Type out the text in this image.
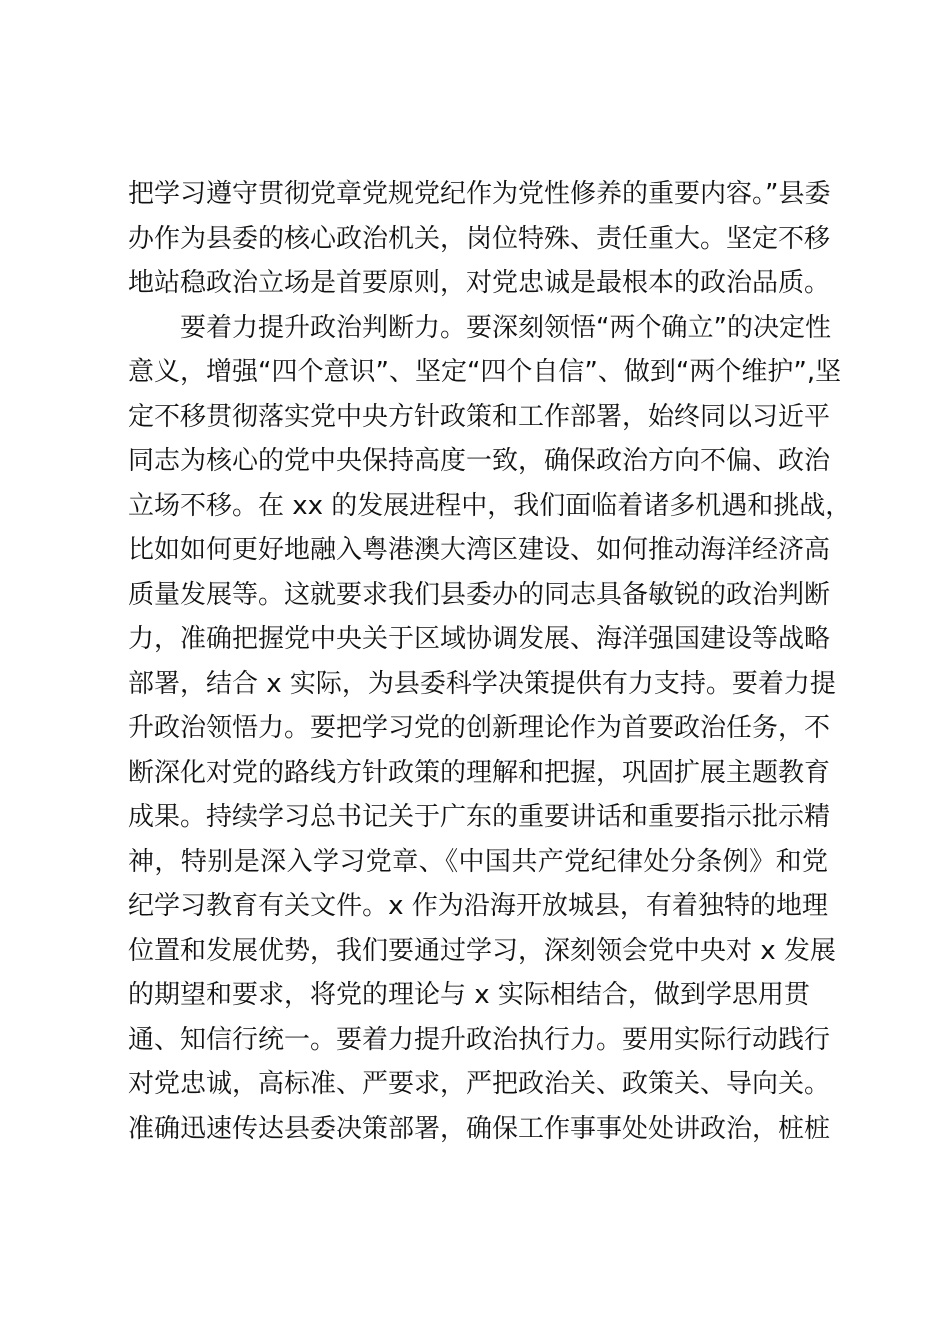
把学习遵守贯彻党章党规党纪作为党性修养的重要内容。”县委
办作为县委的核心政治机关，岗位特殊、责任重大。坚定不移
地站稳政治立场是首要原则，对党忠诚是最根本的政治品质。
要着力提升政治判断力。要深刻领悟“两个确立”的决定性
意义，增强“四个意识”、坚定“四个自信”、做到“两个维护”,坚
定不移贯彻落实党中央方针政策和工作部署，始终同以习近平
同志为核心的党中央保持高度一致，确保政治方向不偏、政治
立场不移。在 xx 的发展进程中，我们面临着诸多机遇和挑战，
比如如何更好地融入粤港澳大湾区建设、如何推动海洋经济高
质量发展等。这就要求我们县委办的同志具备敏锐的政治判断
力，准确把握党中央关于区域协调发展、海洋强国建设等战略
部署，结合 x 实际，为县委科学决策提供有力支持。要着力提
升政治领悟力。要把学习党的创新理论作为首要政治任务，不
断深化对党的路线方针政策的理解和把握，巩固扩展主题教育
成果。持续学习总书记关于广东的重要讲话和重要指示批示精
神，特别是深入学习党章、《中国共产党纪律处分条例》和党
纪学习教育有关文件。x 作为沿海开放城县，有着独特的地理
位置和发展优势，我们要通过学习，深刻领会党中央对 x 发展
的期望和要求，将党的理论与 x 实际相结合，做到学思用贯
通、知信行统一。要着力提升政治执行力。要用实际行动践行
对党忠诚，高标准、严要求，严把政治关、政策关、导向关。
准确迅速传达县委决策部署，确保工作事事处处讲政治，桩桩
